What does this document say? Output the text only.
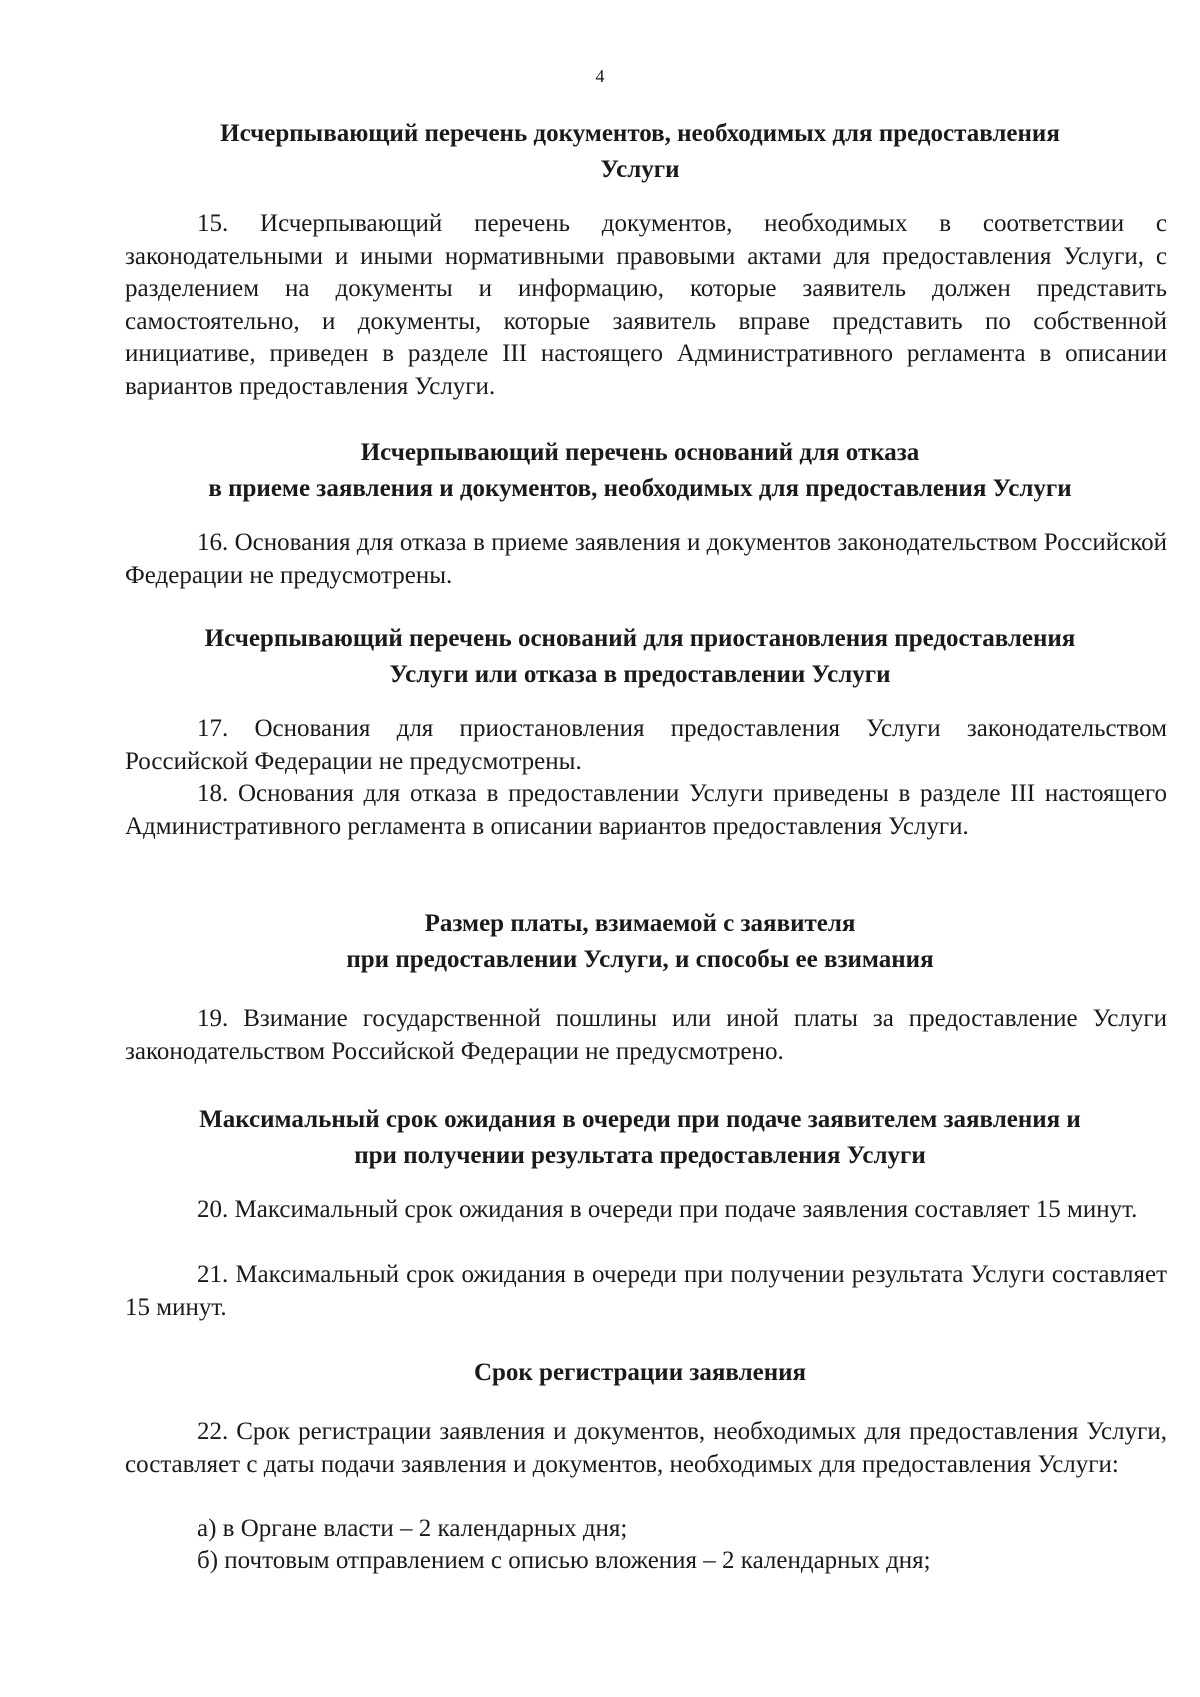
4
Исчерпывающий перечень документов, необходимых для предоставления
Услуги

15. Исчерпывающий перечень документов, необходимых в соответствии с законодательными и иными нормативными правовыми актами для предоставления Услуги, с разделением на документы и информацию, которые заявитель должен представить самостоятельно, и документы, которые заявитель вправе представить по собственной инициативе, приведен в разделе III настоящего Административного регламента в описании вариантов предоставления Услуги.

Исчерпывающий перечень оснований для отказа
в приеме заявления и документов, необходимых для предоставления Услуги

16. Основания для отказа в приеме заявления и документов законодательством Российской Федерации не предусмотрены.

Исчерпывающий перечень оснований для приостановления предоставления
Услуги или отказа в предоставлении Услуги

17. Основания для приостановления предоставления Услуги законодательством Российской Федерации не предусмотрены.

18. Основания для отказа в предоставлении Услуги приведены в разделе III настоящего Административного регламента в описании вариантов предоставления Услуги.

Размер платы, взимаемой с заявителя
при предоставлении Услуги, и способы ее взимания

19. Взимание государственной пошлины или иной платы за предоставление Услуги законодательством Российской Федерации не предусмотрено.

Максимальный срок ожидания в очереди при подаче заявителем заявления и
при получении результата предоставления Услуги

20. Максимальный срок ожидания в очереди при подаче заявления составляет 15 минут.

21. Максимальный срок ожидания в очереди при получении результата Услуги составляет 15 минут.

Срок регистрации заявления

22. Срок регистрации заявления и документов, необходимых для предоставления Услуги, составляет с даты подачи заявления и документов, необходимых для предоставления Услуги:

а) в Органе власти – 2 календарных дня;

б) почтовым отправлением с описью вложения – 2 календарных дня;
